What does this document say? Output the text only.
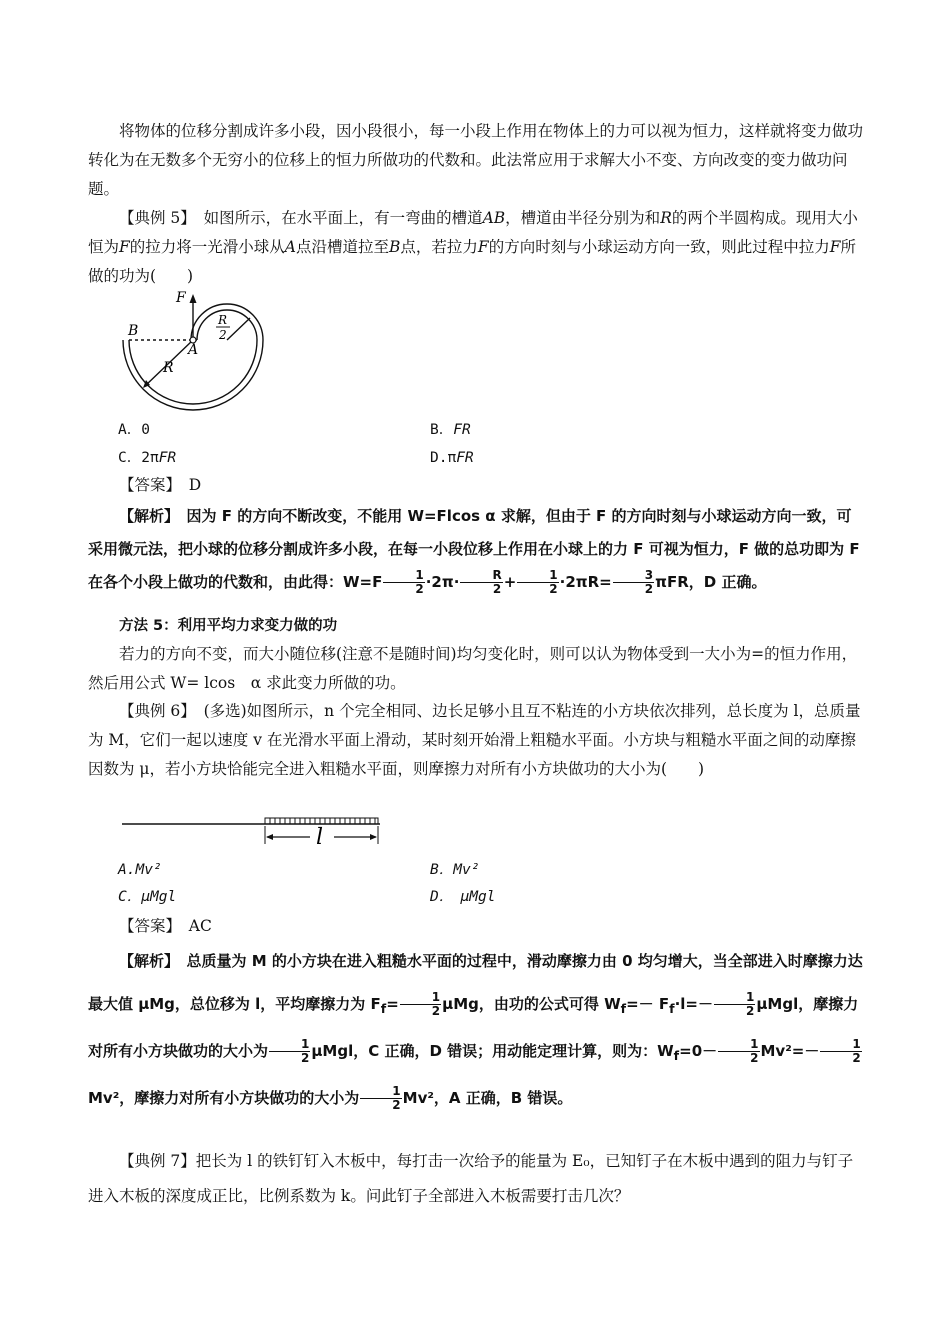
将物体的位移分割成许多小段，因小段很小，每一小段上作用在物体上的力可以视为恒力，这样就将变力做功转化为在无数多个无穷小的位移上的恒力所做功的代数和。此法常应用于求解大小不变、方向改变的变力做功问题。

【典例 5】　 如图所示，在水平面上，有一弯曲的槽道AB，槽道由半径分别为和R的两个半圆构成。现用大小恒为F的拉力将一光滑小球从A点沿槽道拉至B点，若拉力F的方向时刻与小球运动方向一致，则此过程中拉力F所做的功为(　　)

F
B
A
R
R
2
A．0	B．FR
C．2πFR	D.πFR

【答案】　 D

【解析】　 因为 F 的方向不断改变，不能用 W=Flcos α 求解，但由于 F 的方向时刻与小球运动方向一致，可采用微元法，把小球的位移分割成许多小段，在每一小段位移上作用在小球上的力 F 可视为恒力，F 做的总功即为 F 在各个小段上做功的代数和，由此得：$W=F \frac{1}{2} \cdot 2\pi\cdot \frac{R}{2} + \frac{1}{2} \cdot 2\pi R= \frac{3}{2}$ πFR，D 正确。

方法 5：利用平均力求变力做的功

若力的方向不变，而大小随位移(注意不是随时间)均匀变化时，则可以认为物体受到一大小为=的恒力作用，然后用公式 W= lcos　α 求此变力所做的功。

【典例 6】　 (多选)如图所示，n 个完全相同、边长足够小且互不粘连的小方块依次排列，总长度为 l，总质量为 M，它们一起以速度 v 在光滑水平面上滑动，某时刻开始滑上粗糙水平面。小方块与粗糙水平面之间的动摩擦因数为 μ，若小方块恰能完全进入粗糙水平面，则摩擦力对所有小方块做功的大小为(　　)

l
A.Mv²	B．Mv²
C．μMgl	D．　μMgl

【答案】　 AC

【解析】　 总质量为 M 的小方块在进入粗糙水平面的过程中，滑动摩擦力由 0 均匀增大，当全部进入时摩擦力达最大值 μMg，总位移为 l，平均摩擦力为 $F_f= \frac{1}{2}$ μMg，由功的公式可得 $W_f=- F_f\cdot l=- \frac{1}{2}$ μMgl，摩擦力对所有小方块做功的大小为 $\frac{1}{2}$ μMgl，C 正确，D 错误；用动能定理计算，则为：$W_f=0- \frac{1}{2} Mv^2=- \frac{1}{2}$
Mv²，摩擦力对所有小方块做功的大小为 $\frac{1}{2} Mv^2$，A 正确，B 错误。

【典例 7】把长为 l 的铁钉钉入木板中，每打击一次给予的能量为 E₀，已知钉子在木板中遇到的阻力与钉子进入木板的深度成正比，比例系数为 k。问此钉子全部进入木板需要打击几次？
